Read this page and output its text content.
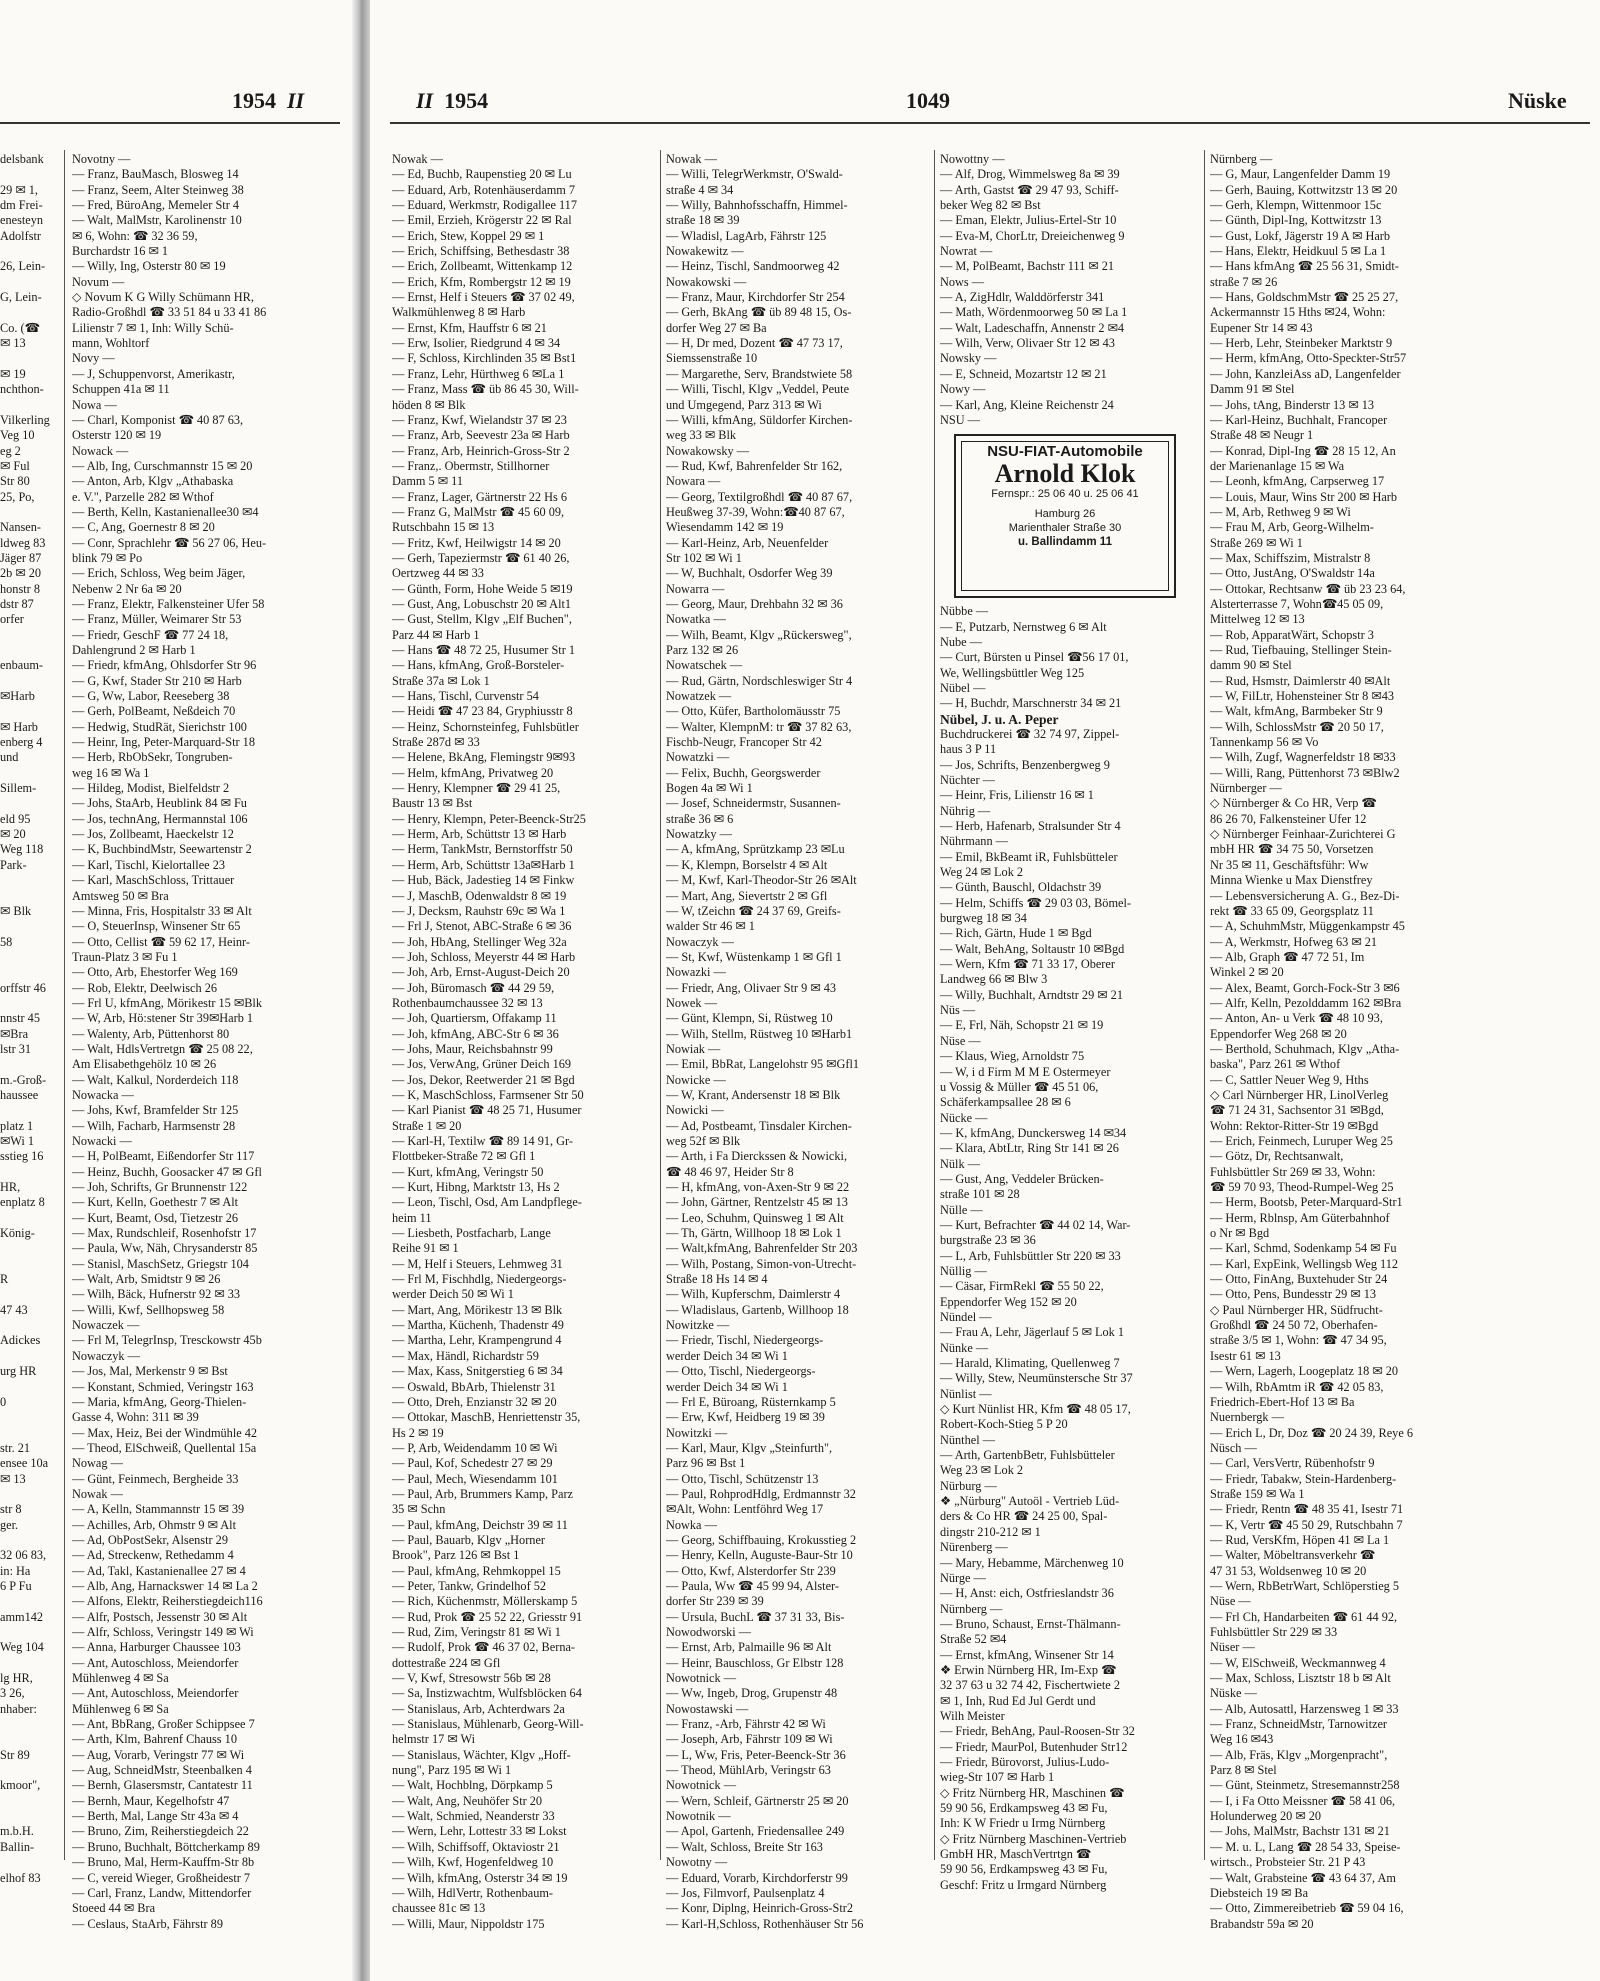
1954 II
delsbank

29 ✉ 1,
dm Frei-
enesteyn
Adolfstr

26, Lein-

G, Lein-

Co. (☎
✉ 13

✉ 19
nchthon-

Vilkerling
Veg 10
eg 2
✉ Ful
Str 80
25, Po,

Nansen-
ldweg 83
Jäger 87
2b ✉ 20
honstr 8
dstr 87
orfer

enbaum-

✉Harb

✉ Harb
enberg 4
und

Sillem-

eld 95
✉ 20
Weg 118
Park-

✉ Blk

58

orffstr 46

nnstr 45
✉Bra
lstr 31

m.-Groß-
haussee

platz 1
✉Wi 1
sstieg 16

HR,
enplatz 8

König-

R

47 43

Adickes

urg HR

0

str. 21
ensee 10a
✉ 13

str 8
ger.

32 06 83,
in: Ha
6 P Fu

amm142

Weg 104

lg HR,
3 26,
nhaber:

Str 89

kmoor",

m.b.H.
Ballin-

elhof 83
Novotny —
— Franz, BauMasch, Blosweg 14
— Franz, Seem, Alter Steinweg 38
— Fred, BüroAng, Memeler Str 4
— Walt, MalMstr, Karolinenstr 10
✉ 6, Wohn: ☎ 32 36 59,
Burchardstr 16 ✉ 1
— Willy, Ing, Osterstr 80 ✉ 19
Novum —
◇ Novum K G Willy Schümann HR,
Radio-Großhdl ☎ 33 51 84 u 33 41 86
Lilienstr 7 ✉ 1, Inh: Willy Schü-
mann, Wohltorf
Novy —
— J, Schuppenvorst, Amerikastr,
Schuppen 41a ✉ 11
Nowa —
— Charl, Komponist ☎ 40 87 63,
Osterstr 120 ✉ 19
Nowack —
— Alb, Ing, Curschmannstr 15 ✉ 20
— Anton, Arb, Klgv „Athabaska
e. V.", Parzelle 282 ✉ Wthof
— Berth, Kelln, Kastanienallee30 ✉4
— C, Ang, Goernestr 8 ✉ 20
— Conr, Sprachlehr ☎ 56 27 06, Heu-
blink 79 ✉ Po
— Erich, Schloss, Weg beim Jäger,
Nebenw 2 Nr 6a ✉ 20
— Franz, Elektr, Falkensteiner Ufer 58
— Franz, Müller, Weimarer Str 53
— Friedr, GeschF ☎ 77 24 18,
Dahlengrund 2 ✉ Harb 1
— Friedr, kfmAng, Ohlsdorfer Str 96
— G, Kwf, Stader Str 210 ✉ Harb
— G, Ww, Labor, Reeseberg 38
— Gerh, PolBeamt, Neßdeich 70
— Hedwig, StudRät, Sierichstr 100
— Heinr, Ing, Peter-Marquard-Str 18
— Herb, RbObSekr, Tongruben-
weg 16 ✉ Wa 1
— Hildeg, Modist, Bielfeldstr 2
— Johs, StaArb, Heublink 84 ✉ Fu
— Jos, technAng, Hermannstal 106
— Jos, Zollbeamt, Haeckelstr 12
— K, BuchbindMstr, Seewartenstr 2
— Karl, Tischl, Kielortallee 23
— Karl, MaschSchloss, Trittauer
Amtsweg 50 ✉ Bra
— Minna, Fris, Hospitalstr 33 ✉ Alt
— O, SteuerInsp, Winsener Str 65
— Otto, Cellist ☎ 59 62 17, Heinr-
Traun-Platz 3 ✉ Fu 1
— Otto, Arb, Ehestorfer Weg 169
— Rob, Elektr, Deelwisch 26
— Frl U, kfmAng, Mörikestr 15 ✉Blk
— W, Arb, Hö:stener Str 39✉Harb 1
— Walenty, Arb, Püttenhorst 80
— Walt, HdlsVertretgn ☎ 25 08 22,
Am Elisabethgehölz 10 ✉ 26
— Walt, Kalkul, Norderdeich 118
Nowacka —
— Johs, Kwf, Bramfelder Str 125
— Wilh, Facharb, Harmsenstr 28
Nowacki —
— H, PolBeamt, Eißendorfer Str 117
— Heinz, Buchh, Goosacker 47 ✉ Gfl
— Joh, Schrifts, Gr Brunnenstr 122
— Kurt, Kelln, Goethestr 7 ✉ Alt
— Kurt, Beamt, Osd, Tietzestr 26
— Max, Rundschleif, Rosenhofstr 17
— Paula, Ww, Näh, Chrysanderstr 85
— Stanisl, MaschSetz, Griegstr 104
— Walt, Arb, Smidtstr 9 ✉ 26
— Wilh, Bäck, Hufnerstr 92 ✉ 33
— Willi, Kwf, Sellhopsweg 58
Nowaczek —
— Frl M, TelegrInsp, Tresckowstr 45b
Nowaczyk —
— Jos, Mal, Merkenstr 9 ✉ Bst
— Konstant, Schmied, Veringstr 163
— Maria, kfmAng, Georg-Thielen-
Gasse 4, Wohn: 311 ✉ 39
— Max, Heiz, Bei der Windmühle 42
— Theod, ElSchweiß, Quellental 15a
Nowag —
— Günt, Feinmech, Bergheide 33
Nowak —
— A, Kelln, Stammannstr 15 ✉ 39
— Achilles, Arb, Ohmstr 9 ✉ Alt
— Ad, ObPostSekr, Alsenstr 29
— Ad, Streckenw, Rethedamm 4
— Ad, Takl, Kastanienallee 27 ✉ 4
— Alb, Ang, Harnackswег 14 ✉ La 2
— Alfons, Elektr, Reiherstiegdeich116
— Alfr, Postsch, Jessenstr 30 ✉ Alt
— Alfr, Schloss, Veringstr 149 ✉ Wi
— Anna, Harburger Chaussee 103
— Ant, Autoschloss, Meiendorfer
Mühlenweg 4 ✉ Sa
— Ant, Autoschloss, Meiendorfer
Mühlenweg 6 ✉ Sa
— Ant, BbRang, Großer Schippsee 7
— Arth, Klm, Bahrenf Chauss 10
— Aug, Vorarb, Veringstr 77 ✉ Wi
— Aug, SchneidMstr, Steenbalken 4
— Bernh, Glasersmstr, Cantatestr 11
— Bernh, Maur, Kegelhofstr 47
— Berth, Mal, Lange Str 43a ✉ 4
— Bruno, Zim, Reiherstiegdeich 22
— Bruno, Buchhalt, Böttcherkamp 89
— Bruno, Mal, Herm-Kauffm-Str 8b
— C, vereid Wieger, Großheidestr 7
— Carl, Franz, Landw, Mittendorfer
Stoeed 44 ✉ Bra
— Ceslaus, StaArb, Fährstr 89
II 1954	1049	Nüske
Nowak —
— Ed, Buchb, Raupenstieg 20 ✉ Lu
— Eduard, Arb, Rotenhäuserdamm 7
— Eduard, Werkmstr, Rodigallee 117
— Emil, Erzieh, Krögerstr 22 ✉ Ral
— Erich, Stew, Koppel 29 ✉ 1
— Erich, Schiffsing, Bethesdastr 38
— Erich, Zollbeamt, Wittenkamp 12
— Erich, Kfm, Rombergstr 12 ✉ 19
— Ernst, Helf i Steuers ☎ 37 02 49,
Walkmühlenweg 8 ✉ Harb
— Ernst, Kfm, Hauffstr 6 ✉ 21
— Erw, Isolier, Riedgrund 4 ✉ 34
— F, Schloss, Kirchlinden 35 ✉ Bst1
— Franz, Lehr, Hürthweg 6 ✉La 1
— Franz, Mass ☎ üb 86 45 30, Will-
höden 8 ✉ Blk
— Franz, Kwf, Wielandstr 37 ✉ 23
— Franz, Arb, Seevestr 23a ✉ Harb
— Franz, Arb, Heinrich-Gross-Str 2
— Franz,. Obermstr, Stillhorner
Damm 5 ✉ 11
— Franz, Lager, Gärtnerstr 22 Hs 6
— Franz G, MalMstr ☎ 45 60 09,
Rutschbahn 15 ✉ 13
— Fritz, Kwf, Heilwigstr 14 ✉ 20
— Gerh, Tapeziermstr ☎ 61 40 26,
Oertzweg 44 ✉ 33
— Günth, Form, Hohe Weide 5 ✉19
— Gust, Ang, Lobuschstr 20 ✉ Alt1
— Gust, Stellm, Klgv „Elf Buchen",
Parz 44 ✉ Harb 1
— Hans ☎ 48 72 25, Husumer Str 1
— Hans, kfmAng, Groß-Borsteler-
Straße 37a ✉ Lok 1
— Hans, Tischl, Curvenstr 54
— Heidi ☎ 47 23 84, Gryphiusstr 8
— Heinz, Schornsteinfeg, Fuhlsbütler
Straße 287d ✉ 33
— Helene, BkAng, Flemingstr 9✉93
— Helm, kfmAng, Privatweg 20
— Henry, Klempner ☎ 29 41 25,
Baustr 13 ✉ Bst
— Henry, Klempn, Peter-Beenck-Str25
— Herm, Arb, Schüttstr 13 ✉ Harb
— Herm, TankMstr, Bernstorffstr 50
— Herm, Arb, Schüttstr 13a✉Harb 1
— Hub, Bäck, Jadestieg 14 ✉ Finkw
— J, MaschB, Odenwaldstr 8 ✉ 19
— J, Decksm, Rauhstr 69c ✉ Wa 1
— Frl J, Stenot, ABC-Straße 6 ✉ 36
— Joh, HbAng, Stellinger Weg 32a
— Joh, Schloss, Meyerstr 44 ✉ Harb
— Joh, Arb, Ernst-August-Deich 20
— Joh, Büromasch ☎ 44 29 59,
Rothenbaumchaussee 32 ✉ 13
— Joh, Quartiersm, Offakamp 11
— Joh, kfmAng, ABC-Str 6 ✉ 36
— Johs, Maur, Reichsbahnstr 99
— Jos, VerwAng, Grüner Deich 169
— Jos, Dekor, Reetwerder 21 ✉ Bgd
— K, MaschSchloss, Farmsener Str 50
— Karl Pianist ☎ 48 25 71, Husumer
Straße 1 ✉ 20
— Karl-H, Textilw ☎ 89 14 91, Gr-
Flottbeker-Straße 72 ✉ Gfl 1
— Kurt, kfmAng, Veringstr 50
— Kurt, Hibng, Marktstr 13, Hs 2
— Leon, Tischl, Osd, Am Landpflege-
heim 11
— Liesbeth, Postfacharb, Lange
Reihe 91 ✉ 1
— M, Helf i Steuers, Lehmweg 31
— Frl M, Fischhdlg, Niedergeorgs-
werder Deich 50 ✉ Wi 1
— Mart, Ang, Mörikestr 13 ✉ Blk
— Martha, Küchenh, Thadenstr 49
— Martha, Lehr, Krampengrund 4
— Max, Händl, Richardstr 59
— Max, Kass, Snitgerstieg 6 ✉ 34
— Oswald, BbArb, Thielenstr 31
— Otto, Dreh, Enzianstr 32 ✉ 20
— Ottokar, MaschB, Henriettenstr 35,
Hs 2 ✉ 19
— P, Arb, Weidendamm 10 ✉ Wi
— Paul, Kof, Schedestr 27 ✉ 29
— Paul, Mech, Wiesendamm 101
— Paul, Arb, Brummers Kamp, Parz
35 ✉ Schn
— Paul, kfmAng, Deichstr 39 ✉ 11
— Paul, Bauarb, Klgv „Horner
Brook", Parz 126 ✉ Bst 1
— Paul, kfmAng, Rehmkoppel 15
— Peter, Tankw, Grindelhof 52
— Rich, Küchenmstr, Möllerskamp 5
— Rud, Prok ☎ 25 52 22, Griesstr 91
— Rud, Zim, Veringstr 81 ✉ Wi 1
— Rudolf, Prok ☎ 46 37 02, Bernа-
dottestraße 224 ✉ Gfl
— V, Kwf, Stresowstr 56b ✉ 28
— Sa, Instizwachtm, Wulfsblöcken 64
— Stanislaus, Arb, Achterdwars 2a
— Stanislaus, Mühlenarb, Georg-Will-
helmstr 17 ✉ Wi
— Stanislaus, Wächter, Klgv „Hoff-
nung", Parz 195 ✉ Wi 1
— Walt, Hochblng, Dörpkamp 5
— Walt, Ang, Neuhöfer Str 20
— Walt, Schmied, Neanderstr 33
— Wern, Lehr, Lottestr 33 ✉ Lokst
— Wilh, Schiffsoff, Oktaviostr 21
— Wilh, Kwf, Hogenfeldweg 10
— Wilh, kfmAng, Osterstr 34 ✉ 19
— Wilh, HdlVertr, Rothenbaum-
chaussee 81c ✉ 13
— Willi, Maur, Nippoldstr 175
Nowak —
— Willi, TelegrWerkmstr, O'Swald-
straße 4 ✉ 34
— Willy, Bahnhofsschaffn, Himmel-
straße 18 ✉ 39
— Wladisl, LagArb, Fährstr 125
Nowakewitz —
— Heinz, Tischl, Sandmoorweg 42
Nowakowski —
— Franz, Maur, Kirchdorfer Str 254
— Gerh, BkAng ☎ üb 89 48 15, Os-
dorfer Weg 27 ✉ Ba
— H, Dr med, Dozent ☎ 47 73 17,
Siemssenstraße 10
— Margarethe, Serv, Brandstwiete 58
— Willi, Tischl, Klgv „Veddel, Peute
und Umgegend, Parz 313 ✉ Wi
— Willi, kfmAng, Süldorfer Kirchen-
weg 33 ✉ Blk
Nowakowsky —
— Rud, Kwf, Bahrenfelder Str 162,
Nowara —
— Georg, Textilgroßhdl ☎ 40 87 67,
Heußweg 37-39, Wohn:☎40 87 67,
Wiesendamm 142 ✉ 19
— Karl-Heinz, Arb, Neuenfelder
Str 102 ✉ Wi 1
— W, Buchhalt, Osdorfer Weg 39
Nowarra —
— Georg, Maur, Drehbahn 32 ✉ 36
Nowatka —
— Wilh, Beamt, Klgv „Rückersweg",
Parz 132 ✉ 26
Nowatschek —
— Rud, Gärtn, Nordschleswiger Str 4
Nowatzek —
— Otto, Küfer, Bartholomäusstr 75
— Walter, KlempnM: tr ☎ 37 82 63,
Fischb-Neugr, Francoper Str 42
Nowatzki —
— Felix, Buchh, Georgswerder
Bogen 4a ✉ Wi 1
— Josef, Schneidermstr, Susannen-
straße 36 ✉ 6
Nowatzky —
— A, kfmAng, Sprützkamp 23 ✉Lu
— K, Klempn, Borselstr 4 ✉ Alt
— M, Kwf, Karl-Theodor-Str 26 ✉Alt
— Mart, Ang, Sievertstr 2 ✉ Gfl
— W, tZeichn ☎ 24 37 69, Greifs-
walder Str 46 ✉ 1
Nowaczyk —
— St, Kwf, Wüstenkamp 1 ✉ Gfl 1
Nowazki —
— Friedr, Ang, Olivaer Str 9 ✉ 43
Nowek —
— Günt, Klempn, Si, Rüstweg 10
— Wilh, Stellm, Rüstweg 10 ✉Harb1
Nowiak —
— Emil, BbRat, Langelohstr 95 ✉Gfl1
Nowicke —
— W, Krant, Andersenstr 18 ✉ Blk
Nowicki —
— Ad, Postbeamt, Tinsdaler Kirchen-
weg 52f ✉ Blk
— Arth, i Fa Dierckssen & Nowicki,
☎ 48 46 97, Heider Str 8
— H, kfmAng, von-Axen-Str 9 ✉ 22
— John, Gärtner, Rentzelstr 45 ✉ 13
— Leo, Schuhm, Quinsweg 1 ✉ Alt
— Th, Gärtn, Willhoop 18 ✉ Lok 1
— Walt,kfmAng, Bahrenfelder Str 203
— Wilh, Postang, Simon-von-Utrecht-
Straße 18 Hs 14 ✉ 4
— Wilh, Kupferschm, Daimlerstr 4
— Wladislaus, Gartenb, Willhoop 18
Nowitzke —
— Friedr, Tischl, Niedergeorgs-
werder Deich 34 ✉ Wi 1
— Otto, Tischl, Niedergeorgs-
werder Deich 34 ✉ Wi 1
— Frl E, Büroang, Rüsternkamp 5
— Erw, Kwf, Heidberg 19 ✉ 39
Nowitzki —
— Karl, Maur, Klgv „Steinfurth",
Parz 96 ✉ Bst 1
— Otto, Tischl, Schützenstr 13
— Paul, RohprodHdlg, Erdmannstr 32
✉Alt, Wohn: Lentföhrd Weg 17
Nowka —
— Georg, Schiffbauing, Krokusstieg 2
— Henry, Kelln, Auguste-Baur-Str 10
— Otto, Kwf, Alsterdorfer Str 239
— Paula, Ww ☎ 45 99 94, Alster-
dorfer Str 239 ✉ 39
— Ursula, BuchL ☎ 37 31 33, Bis-
Nowodworski —
— Ernst, Arb, Palmaille 96 ✉ Alt
— Heinr, Bauschloss, Gr Elbstr 128
Nowotnick —
— Ww, Ingeb, Drog, Grupenstr 48
Nowostawski —
— Franz, -Arb, Fährstr 42 ✉ Wi
— Joseph, Arb, Fährstr 109 ✉ Wi
— L, Ww, Fris, Peter-Beenck-Str 36
— Theod, MühlArb, Veringstr 63
Nowotnick —
— Wern, Schleif, Gärtnerstr 25 ✉ 20
Nowotnik —
— Apol, Gartenh, Friedensallee 249
— Walt, Schloss, Breite Str 163
Nowotny —
— Eduard, Vorarb, Kirchdorferstr 99
— Jos, Filmvorf, Paulsenplatz 4
— Konr, Diplng, Heinrich-Gross-Str2
— Karl-H,Schloss, Rothenhäuser Str 56
Nowottny —
— Alf, Drog, Wimmelsweg 8a ✉ 39
— Arth, Gastst ☎ 29 47 93, Schiff-
beker Weg 82 ✉ Bst
— Eman, Elektr, Julius-Ertel-Str 10
— Eva-M, ChorLtr, Dreieichenweg 9
Nowrat —
— M, PolBeamt, Bachstr 111 ✉ 21
Nows —
— A, ZigHdlr, Walddörferstr 341
— Math, Wördenmoorweg 50 ✉ La 1
— Walt, Ladeschaffn, Annenstr 2 ✉4
— Wilh, Verw, Olivaer Str 12 ✉ 43
Nowsky —
— E, Schneid, Mozartstr 12 ✉ 21
Nowy —
— Karl, Ang, Kleine Reichenstr 24
NSU —
NSU-FIAT-Automobile
Arnold Klok
Fernspr.: 25 06 40 u. 25 06 41
Hamburg 26
Marienthaler Straße 30
u. Ballindamm 11
Nübbe —
— E, Putzarb, Nernstweg 6 ✉ Alt
Nube —
— Curt, Bürsten u Pinsel ☎56 17 01,
We, Wellingsbüttler Weg 125
Nübel —
— H, Buchdr, Marschnerstr 34 ✉ 21
Nübel, J. u. A. Peper
Buchdruckerei ☎ 32 74 97, Zippel-
haus 3 P 11
— Jos, Schrifts, Benzenbergweg 9
Nüchter —
— Heinr, Fris, Lilienstr 16 ✉ 1
Nührig —
— Herb, Hafenarb, Stralsunder Str 4
Nührmann —
— Emil, BkBeamt iR, Fuhlsbütteler
Weg 24 ✉ Lok 2
— Günth, Bauschl, Oldachstr 39
— Helm, Schiffs ☎ 29 03 03, Bömel-
burgweg 18 ✉ 34
— Rich, Gärtn, Hude 1 ✉ Bgd
— Walt, BehAng, Soltaustr 10 ✉Bgd
— Wern, Kfm ☎ 71 33 17, Oberer
Landweg 66 ✉ Blw 3
— Willy, Buchhalt, Arndtstr 29 ✉ 21
Nüs —
— E, Frl, Näh, Schopstr 21 ✉ 19
Nüse —
— Klaus, Wieg, Arnoldstr 75
— W, i d Firm M M E Ostermeyer
u Vossig & Müller ☎ 45 51 06,
Schäferkampsallee 28 ✉ 6
Nücke —
— K, kfmAng, Dunckersweg 14 ✉34
— Klara, AbtLtr, Ring Str 141 ✉ 26
Nülk —
— Gust, Ang, Veddeler Brücken-
straße 101 ✉ 28
Nülle —
— Kurt, Befrachter ☎ 44 02 14, War-
burgstraße 23 ✉ 36
— L, Arb, Fuhlsbüttler Str 220 ✉ 33
Nüllig —
— Cäsar, FirmRekl ☎ 55 50 22,
Eppendorfer Weg 152 ✉ 20
Nündel —
— Frau A, Lehr, Jägerlauf 5 ✉ Lok 1
Nünke —
— Harald, Klimating, Quellenweg 7
— Willy, Stew, Neumünstersche Str 37
Nünlist —
◇ Kurt Nünlist HR, Kfm ☎ 48 05 17,
Robert-Koch-Stieg 5 P 20
Nünthel —
— Arth, GartenbBetr, Fuhlsbütteler
Weg 23 ✉ Lok 2
Nürburg —
❖ „Nürburg" Autoöl - Vertrieb Lüd-
ders & Co HR ☎ 24 25 00, Spal-
dingstr 210-212 ✉ 1
Nürenberg —
— Mary, Hebamme, Märchenweg 10
Nürge —
— H, Anst: eich, Ostfrieslandstr 36
Nürnberg —
— Bruno, Schaust, Ernst-Thälmann-
Straße 52 ✉4
— Ernst, kfmAng, Winsener Str 14
❖ Erwin Nürnberg HR, Im-Exp ☎
32 37 63 u 32 74 42, Fischertwiete 2
✉ 1, Inh, Rud Ed Jul Gerdt und
Wilh Meister
— Friedr, BehAng, Paul-Roosen-Str 32
— Friedr, MaurPol, Butenhuder Str12
— Friedr, Bürovorst, Julius-Ludo-
wieg-Str 107 ✉ Harb 1
◇ Fritz Nürnberg HR, Maschinen ☎
59 90 56, Erdkampsweg 43 ✉ Fu,
Inh: K W Friedr u Irmg Nürnberg
◇ Fritz Nürnberg Maschinen-Vertrieb
GmbH HR, MaschVertrtgn ☎
59 90 56, Erdkampsweg 43 ✉ Fu,
Geschf: Fritz u Irmgard Nürnberg
Nürnberg —
— G, Maur, Langenfelder Damm 19
— Gerh, Bauing, Kottwitzstr 13 ✉ 20
— Gerh, Klempn, Wittenmoor 15c
— Günth, Dipl-Ing, Kottwitzstr 13
— Gust, Lokf, Jägerstr 19 A ✉ Harb
— Hans, Elektr, Heidkuul 5 ✉ La 1
— Hans kfmAng ☎ 25 56 31, Smidt-
straße 7 ✉ 26
— Hans, GoldschmMstr ☎ 25 25 27,
Ackermannstr 15 Hths ✉24, Wohn:
Eupener Str 14 ✉ 43
— Herb, Lehr, Steinbeker Marktstr 9
— Herm, kfmAng, Otto-Speckter-Str57
— John, KanzleiAss aD, Langenfelder
Damm 91 ✉ Stel
— Johs, tAng, Binderstr 13 ✉ 13
— Karl-Heinz, Buchhalt, Francoper
Straße 48 ✉ Neugr 1
— Konrad, Dipl-Ing ☎ 28 15 12, An
der Marienanlage 15 ✉ Wa
— Leonh, kfmAng, Carpserweg 17
— Louis, Maur, Wins Str 200 ✉ Harb
— M, Arb, Rethweg 9 ✉ Wi
— Frau M, Arb, Georg-Wilhelm-
Straße 269 ✉ Wi 1
— Max, Schiffszim, Mistralstr 8
— Otto, JustAng, O'Swaldstr 14a
— Ottokar, Rechtsanw ☎ üb 23 23 64,
Alsterterrasse 7, Wohn☎45 05 09,
Mittelweg 12 ✉ 13
— Rob, ApparatWärt, Schopstr 3
— Rud, Tiefbauing, Stellinger Stein-
damm 90 ✉ Stel
— Rud, Hsmstr, Daimlerstr 40 ✉Alt
— W, FilLtr, Hohensteiner Str 8 ✉43
— Walt, kfmAng, Barmbeker Str 9
— Wilh, SchlossMstr ☎ 20 50 17,
Tannenkamp 56 ✉ Vo
— Wilh, Zugf, Wagnerfeldstr 18 ✉33
— Willi, Rang, Püttenhorst 73 ✉Blw2
Nürnberger —
◇ Nürnberger & Co HR, Verp ☎
86 26 70, Falkensteiner Ufer 12
◇ Nürnberger Feinhaar-Zurichterei G
mbH HR ☎ 34 75 50, Vorsetzen
Nr 35 ✉ 11, Geschäftsführ: Ww
Minna Wienke u Max Dienstfrey
— Lebensversicherung A. G., Bez-Di-
rekt ☎ 33 65 09, Georgsplatz 11
— A, SchuhmMstr, Müggenkampstr 45
— A, Werkmstr, Hofweg 63 ✉ 21
— Alb, Graph ☎ 47 72 51, Im
Winkel 2 ✉ 20
— Alex, Beamt, Gorch-Fock-Str 3 ✉6
— Alfr, Kelln, Pezolddamm 162 ✉Bra
— Anton, An- u Verk ☎ 48 10 93,
Eppendorfer Weg 268 ✉ 20
— Berthold, Schuhmach, Klgv „Atha-
baska", Parz 261 ✉ Wthof
— C, Sattler Neuer Weg 9, Hths
◇ Carl Nürnberger HR, LinolVerleg
☎ 71 24 31, Sachsentor 31 ✉Bgd,
Wohn: Rektor-Ritter-Str 19 ✉Bgd
— Erich, Feinmech, Luruper Weg 25
— Götz, Dr, Rechtsanwalt,
Fuhlsbüttler Str 269 ✉ 33, Wohn:
☎ 59 70 93, Theod-Rumpel-Weg 25
— Herm, Bootsb, Peter-Marquard-Str1
— Herm, Rblnsp, Am Güterbahnhof
o Nr ✉ Bgd
— Karl, Schmd, Sodenkamp 54 ✉ Fu
— Karl, ExpEink, Wellingsb Weg 112
— Otto, FinAng, Buxtehuder Str 24
— Otto, Pens, Bundesstr 29 ✉ 13
◇ Paul Nürnberger HR, Südfrucht-
Großhdl ☎ 24 50 72, Oberhafen-
straße 3/5 ✉ 1, Wohn: ☎ 47 34 95,
Isestr 61 ✉ 13
— Wern, Lagerh, Loogeplatz 18 ✉ 20
— Wilh, RbAmtm iR ☎ 42 05 83,
Friedrich-Ebert-Hof 13 ✉ Ba
Nuernbergk —
— Erich L, Dr, Doz ☎ 20 24 39, Reye 6
Nüsch —
— Carl, VersVertr, Rübenhofstr 9
— Friedr, Tabakw, Stein-Hardenberg-
Straße 159 ✉ Wa 1
— Friedr, Rentn ☎ 48 35 41, Isestr 71
— K, Vertr ☎ 45 50 29, Rutschbahn 7
— Rud, VersKfm, Höpen 41 ✉ La 1
— Walter, Möbeltransverkehr ☎
47 31 53, Woldsenweg 10 ✉ 20
— Wern, RbBetrWart, Schlöperstieg 5
Nüse —
— Frl Ch, Handarbeiten ☎ 61 44 92,
Fuhlsbüttler Str 229 ✉ 33
Nüser —
— W, ElSchweiß, Weckmannweg 4
— Max, Schloss, Lisztstr 18 b ✉ Alt
Nüske —
— Alb, Autosattl, Harzensweg 1 ✉ 33
— Franz, SchneidMstr, Tarnowitzer
Weg 16 ✉43
— Alb, Fräs, Klgv „Morgenpracht",
Parz 8 ✉ Stel
— Günt, Steinmetz, Stresemannstr258
— I, i Fa Otto Meissner ☎ 58 41 06,
Holunderweg 20 ✉ 20
— Johs, MalMstr, Bachstr 131 ✉ 21
— M. u. L, Lang ☎ 28 54 33, Speise-
wirtsch., Probsteier Str. 21 P 43
— Walt, Grabsteine ☎ 43 64 37, Am
Diebsteich 19 ✉ Ba
— Otto, Zimmereibetrieb ☎ 59 04 16,
Brabandstr 59a ✉ 20
